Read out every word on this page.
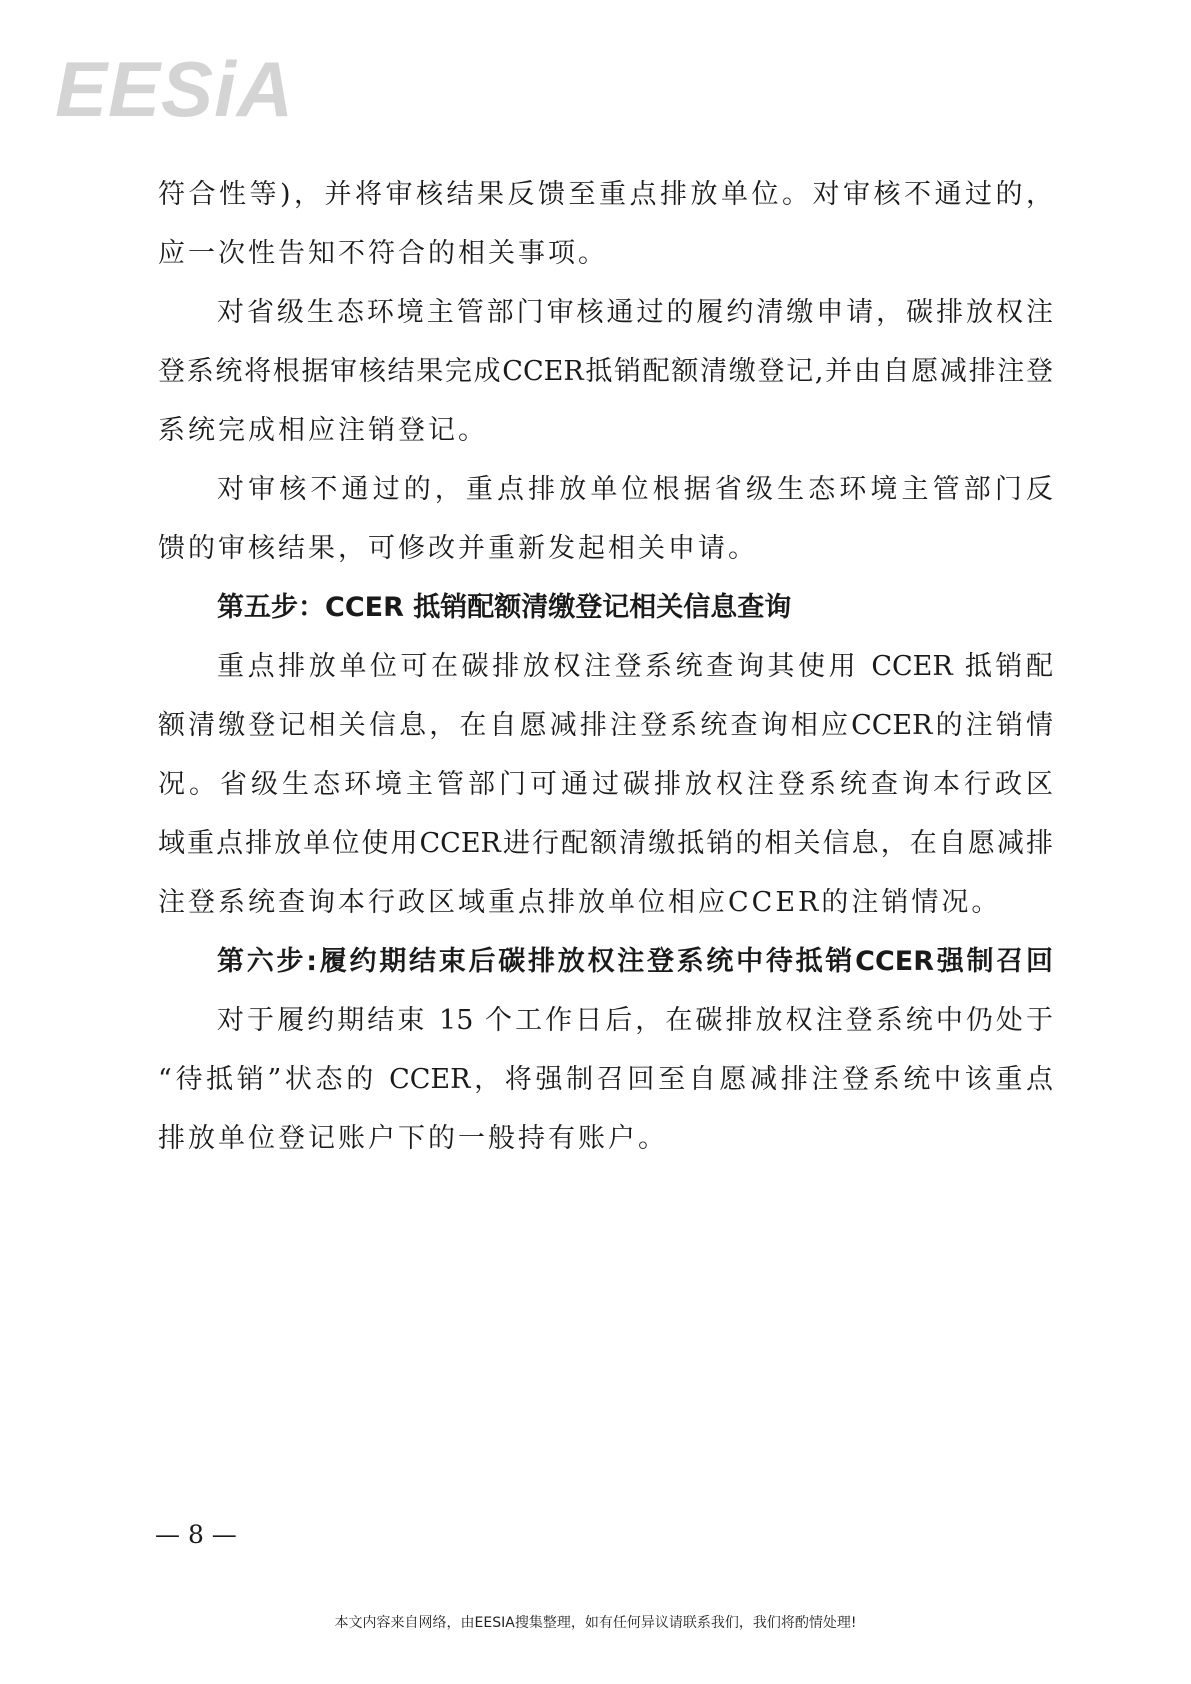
EESiA
符合性等)，并将审核结果反馈至重点排放单位。对审核不通过的，
应一次性告知不符合的相关事项。
对省级生态环境主管部门审核通过的履约清缴申请，碳排放权注
登系统将根据审核结果完成CCER抵销配额清缴登记,并由自愿减排注登
系统完成相应注销登记。
对审核不通过的，重点排放单位根据省级生态环境主管部门反
馈的审核结果，可修改并重新发起相关申请。
第五步：CCER 抵销配额清缴登记相关信息查询
重点排放单位可在碳排放权注登系统查询其使用 CCER 抵销配
额清缴登记相关信息，在自愿减排注登系统查询相应CCER的注销情
况。省级生态环境主管部门可通过碳排放权注登系统查询本行政区
域重点排放单位使用CCER进行配额清缴抵销的相关信息，在自愿减排
注登系统查询本行政区域重点排放单位相应CCER的注销情况。
第六步:履约期结束后碳排放权注登系统中待抵销CCER强制召回
对于履约期结束 15 个工作日后，在碳排放权注登系统中仍处于
“待抵销”状态的 CCER，将强制召回至自愿减排注登系统中该重点
排放单位登记账户下的一般持有账户。
— 8 —
本文内容来自网络，由EESIA搜集整理，如有任何异议请联系我们，我们将酌情处理!
